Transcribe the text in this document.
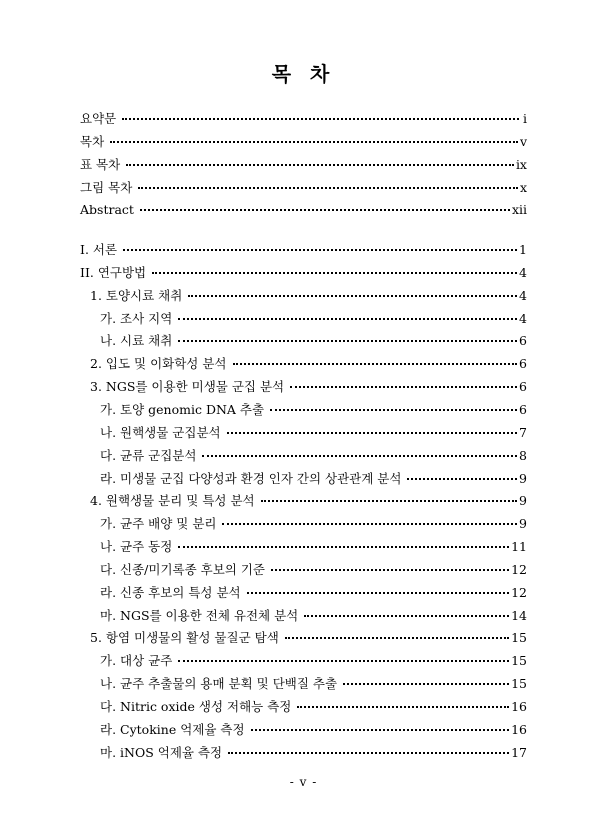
목 차
요약문	i
목차	v
표 목차	ix
그림 목차	x
Abstract	xii
I. 서론	1
II. 연구방법	4
1. 토양시료 채취	4
가. 조사 지역	4
나. 시료 채취	6
2. 입도 및 이화학성 분석	6
3. NGS를 이용한 미생물 군집 분석	6
가. 토양 genomic DNA 추출	6
나. 원핵생물 군집분석	7
다. 균류 군집분석	8
라. 미생물 군집 다양성과 환경 인자 간의 상관관계 분석	9
4. 원핵생물 분리 및 특성 분석	9
가. 균주 배양 및 분리	9
나. 균주 동정	11
다. 신종/미기록종 후보의 기준	12
라. 신종 후보의 특성 분석	12
마. NGS를 이용한 전체 유전체 분석	14
5. 항염 미생물의 활성 물질군 탐색	15
가. 대상 균주	15
나. 균주 추출물의 용매 분획 및 단백질 추출	15
다. Nitric oxide 생성 저해능 측정	16
라. Cytokine 억제율 측정	16
마. iNOS 억제율 측정	17
- v -
